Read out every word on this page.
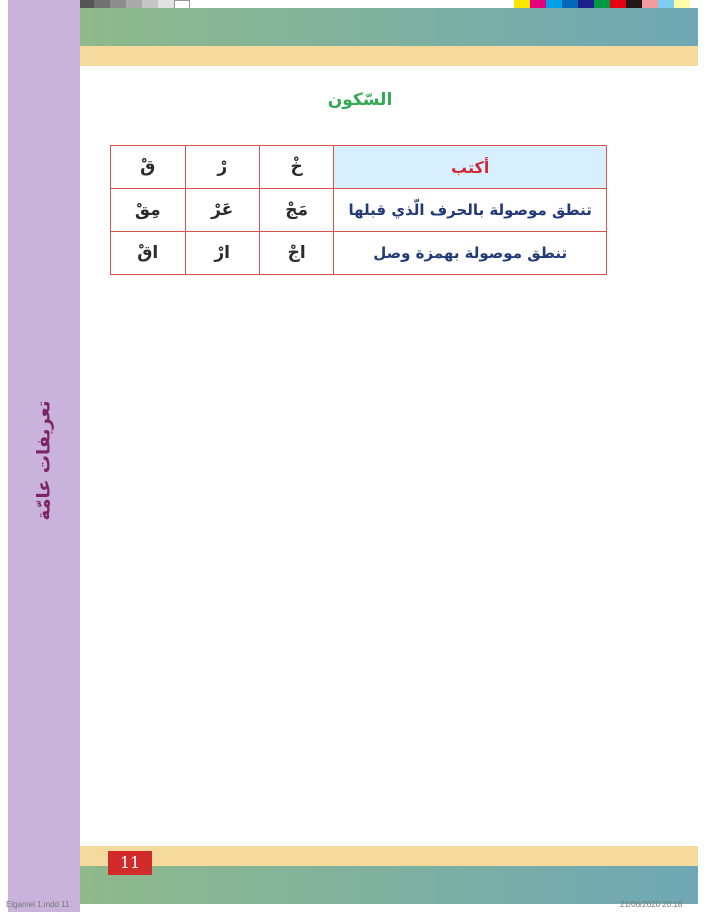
تعريفات عامّة
السّكون
أكتب	خْ	رْ	قْ
تنطق موصولة بالحرف الّذي قبلها	مَجْ	عَرْ	مِقْ
تنطق موصولة بهمزة وصل	اجْ	ارْ	اقْ
11
Elgamel 1.indd 11	21/06/2020 20:18
